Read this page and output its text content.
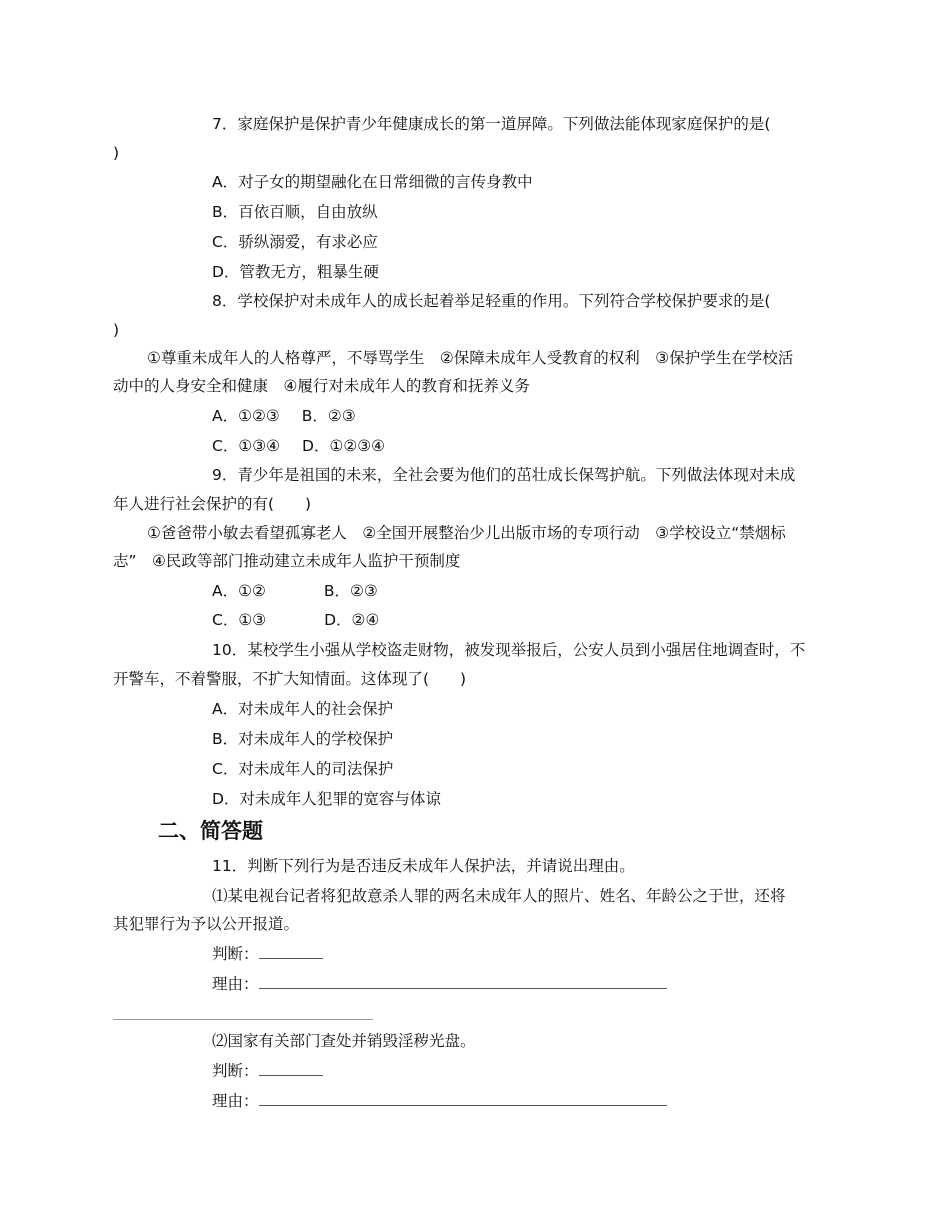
7．家庭保护是保护青少年健康成长的第一道屏障。下列做法能体现家庭保护的是(
)
A．对子女的期望融化在日常细微的言传身教中
B．百依百顺，自由放纵
C．骄纵溺爱，有求必应
D．管教无方，粗暴生硬
8．学校保护对未成年人的成长起着举足轻重的作用。下列符合学校保护要求的是(
)
①尊重未成年人的人格尊严，不辱骂学生　②保障未成年人受教育的权利　③保护学生在学校活
动中的人身安全和健康　④履行对未成年人的教育和抚养义务
A．①②③ B．②③
C．①③④ D．①②③④
9．青少年是祖国的未来，全社会要为他们的茁壮成长保驾护航。下列做法体现对未成
年人进行社会保护的有(　　)
①爸爸带小敏去看望孤寡老人　②全国开展整治少儿出版市场的专项行动　③学校设立“禁烟标
志”　④民政等部门推动建立未成年人监护干预制度
A．①②	B．②③
C．①③	D．②④
10．某校学生小强从学校盗走财物，被发现举报后，公安人员到小强居住地调查时，不
开警车，不着警服，不扩大知情面。这体现了(　　)
A．对未成年人的社会保护
B．对未成年人的学校保护
C．对未成年人的司法保护
D．对未成年人犯罪的宽容与体谅
二、简答题
11．判断下列行为是否违反未成年人保护法，并请说出理由。
⑴某电视台记者将犯故意杀人罪的两名未成年人的照片、姓名、年龄公之于世，还将
其犯罪行为予以公开报道。
判断：
理由：
⑵国家有关部门查处并销毁淫秽光盘。
判断：
理由：
